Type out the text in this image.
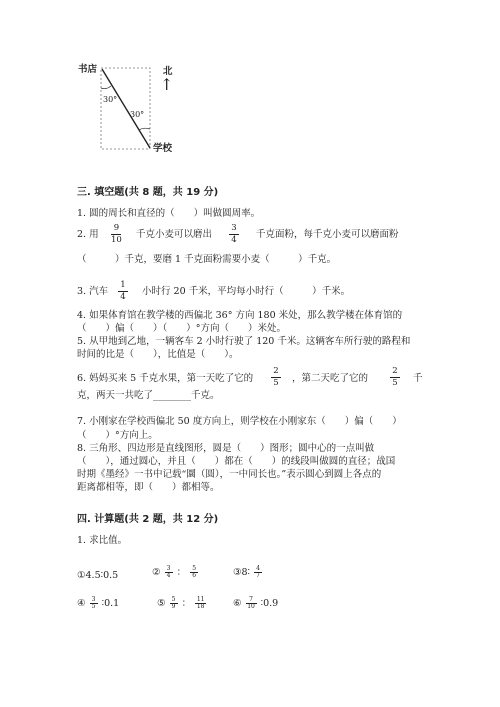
书店
学校
北
↑
30°
30°
三. 填空题(共 8 题，共 19 分)
1. 圆的周长和直径的（　　）叫做圆周率。
2. 用
9
10 千克小麦可以磨出
3
4 千克面粉，每千克小麦可以磨面粉
（　　　）千克，要磨 1 千克面粉需要小麦（　　　）千克。
3. 汽车
1
4 小时行 20 千米，平均每小时行（　　　）千米。
4. 如果体育馆在教学楼的西偏北 36° 方向 180 米处，那么教学楼在体育馆的
（　　）偏（　　）（　　）°方向（　　）米处。
5. 从甲地到乙地，一辆客车 2 小时行驶了 120 千米。这辆客车所行驶的路程和
时间的比是（　　），比值是（　　）。
6. 妈妈买来 5 千克水果，第一天吃了它的
2
5 ，第二天吃了它的
2
5 千
克，两天一共吃了________千克。
7. 小刚家在学校西偏北 50 度方向上，则学校在小刚家东（　　）偏（　　）
（　　）°方向上。
8. 三角形、四边形是直线图形，圆是（　　）图形；圆中心的一点叫做
（　　），通过圆心，并且（　　）都在（　　）的线段叫做圆的直径；战国
时期《墨经》一书中记载“圜（圆），一中同长也。”表示圆心到圆上各点的
距离都相等，即（　　）都相等。
四. 计算题(共 2 题，共 12 分)
1. 求比值。
①4.5∶0.5	② $\frac{3}{4}$ ： $\frac{5}{6}$	③8∶ $\frac{4}{7}$
④ $\frac{3}{5}$ ∶0.1	⑤ $\frac{5}{9}$ ： $\frac{11}{18}$	⑥ $\frac{7}{10}$ ∶0.9
